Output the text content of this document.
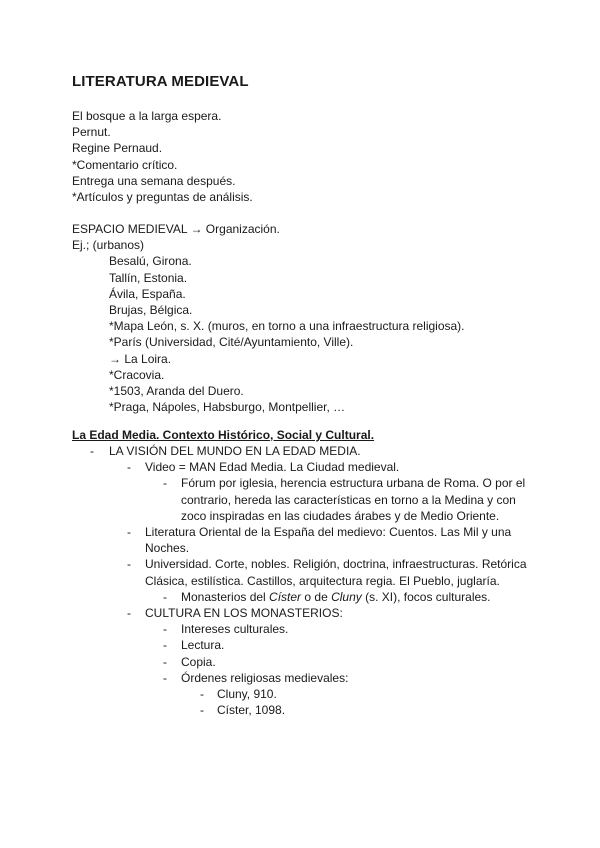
LITERATURA MEDIEVAL
El bosque a la larga espera.
Pernut.
Regine Pernaud.
*Comentario crítico.
Entrega una semana después.
*Artículos y preguntas de análisis.
ESPACIO MEDIEVAL → Organización.
Ej.; (urbanos)
Besalú, Girona.
Tallín, Estonia.
Ávila, España.
Brujas, Bélgica.
*Mapa León, s. X. (muros, en torno a una infraestructura religiosa).
*París (Universidad, Cité/Ayuntamiento, Ville).
→ La Loira.
*Cracovia.
*1503, Aranda del Duero.
*Praga, Nápoles, Habsburgo, Montpellier, …
La Edad Media. Contexto Histórico, Social y Cultural.
- LA VISIÓN DEL MUNDO EN LA EDAD MEDIA.
- Video = MAN Edad Media. La Ciudad medieval.
- Fórum por iglesia, herencia estructura urbana de Roma. O por el contrario, hereda las características en torno a la Medina y con zoco inspiradas en las ciudades árabes y de Medio Oriente.
- Literatura Oriental de la España del medievo: Cuentos. Las Mil y una Noches.
- Universidad. Corte, nobles. Religión, doctrina, infraestructuras. Retórica Clásica, estilística. Castillos, arquitectura regia. El Pueblo, juglaría.
- Monasterios del Císter o de Cluny (s. XI), focos culturales.
- CULTURA EN LOS MONASTERIOS:
- Intereses culturales.
- Lectura.
- Copia.
- Órdenes religiosas medievales:
- Cluny, 910.
- Císter, 1098.
